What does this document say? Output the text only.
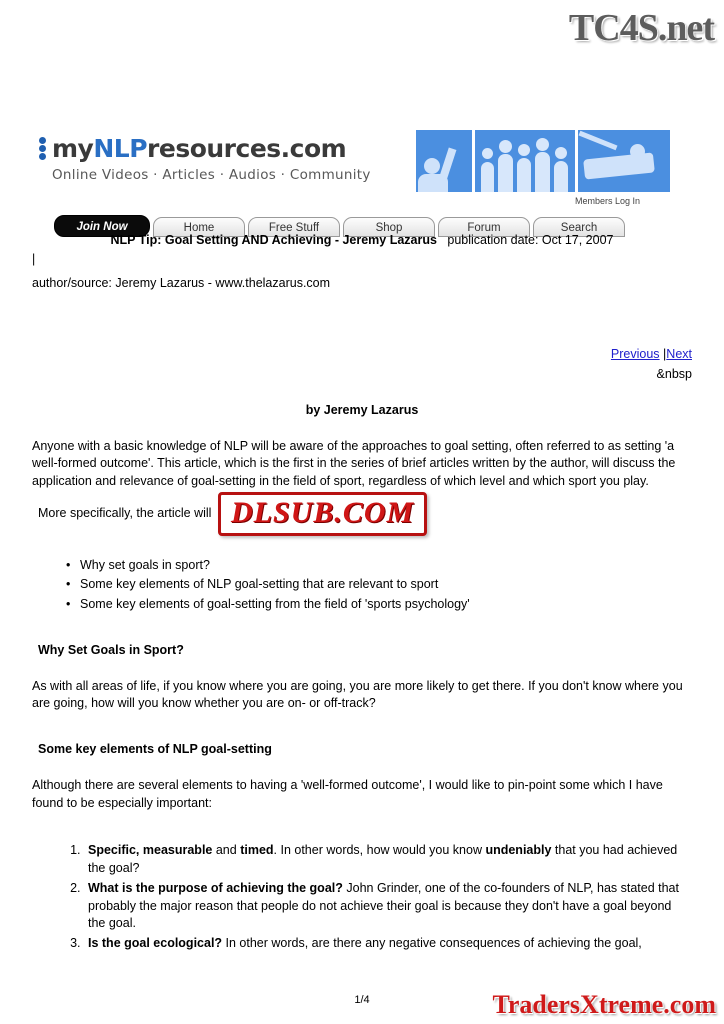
TC4S.net
myNLPresources.com
Online Videos · Articles · Audios · Community
Members Log In
Join Now	Home	Free Stuff	Shop	Forum	Search
NLP Tip: Goal Setting AND Achieving - Jeremy Lazarus publication date: Oct 17, 2007
|
author/source: Jeremy Lazarus - www.thelazarus.com
Previous |Next
&nbsp
by Jeremy Lazarus

Anyone with a basic knowledge of NLP will be aware of the approaches to goal setting, often referred to as setting 'a well-formed outcome'. This article, which is the first in the series of brief articles written by the author, will discuss the application and relevance of goal-setting in the field of sport, regardless of which level and which sport you play.

More specifically, the article will

• Why set goals in sport?
• Some key elements of NLP goal-setting that are relevant to sport
• Some key elements of goal-setting from the field of 'sports psychology'
Why Set Goals in Sport?

As with all areas of life, if you know where you are going, you are more likely to get there. If you don't know where you are going, how will you know whether you are on- or off-track?

Some key elements of NLP goal-setting

Although there are several elements to having a 'well-formed outcome', I would like to pin-point some which I have found to be especially important:

1. Specific, measurable and timed. In other words, how would you know undeniably that you had achieved the goal?
2. What is the purpose of achieving the goal? John Grinder, one of the co-founders of NLP, has stated that probably the major reason that people do not achieve their goal is because they don't have a goal beyond the goal.
3. Is the goal ecological? In other words, are there any negative consequences of achieving the goal,
DLSUB.COM
1/4	TradersXtreme.com
